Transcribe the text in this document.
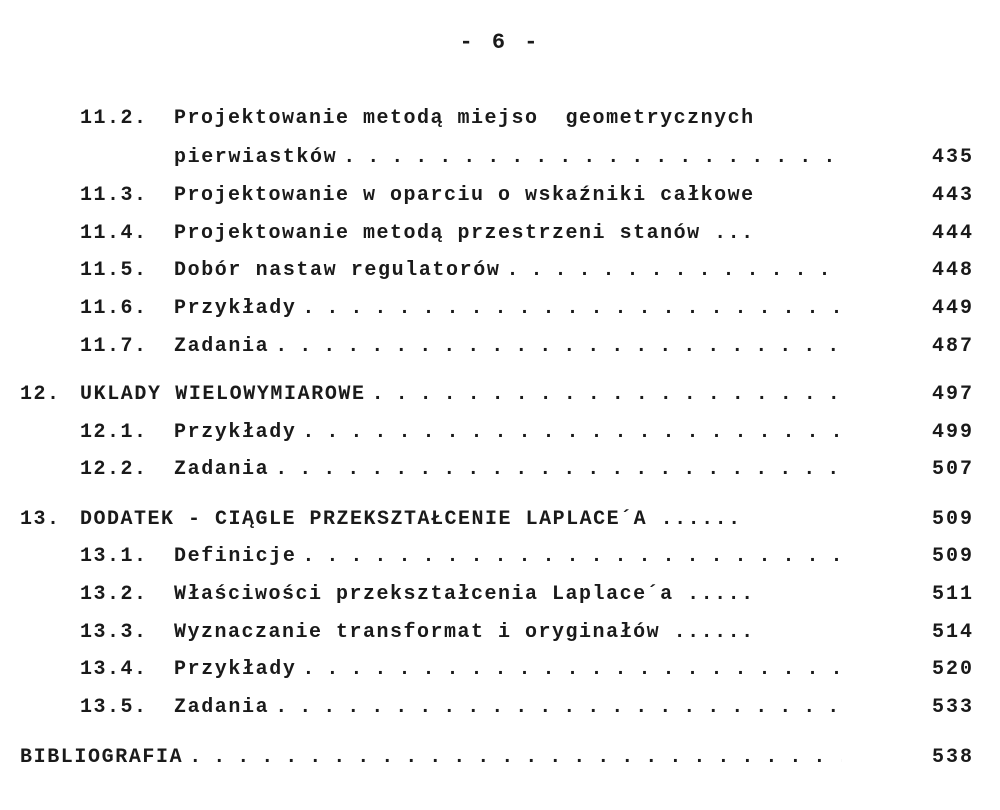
- 6 -
11.2. Projektowanie metodą miejso  geometrycznych
pierwiastków . . .	435
11.3. Projektowanie w oparciu o wskaźniki całkowe	443
11.4. Projektowanie metodą przestrzeni stanów ...	444
11.5. Dobór nastaw regulatorów . . .	448
11.6. Przykłady . . .	449
11.7. Zadania . . .	487
12. UKLADY WIELOWYMIAROWE . . .	497
12.1. Przykłady . . .	499
12.2. Zadania . . .	507
13. DODATEK - CIĄGLE PRZEKSZTAŁCENIE LAPLACE´A ......	509
13.1. Definicje . . .	509
13.2. Właściwości przekształcenia Laplace´a .....	511
13.3. Wyznaczanie transformat i oryginałów ......	514
13.4. Przykłady . . .	520
13.5. Zadania . . .	533
BIBLIOGRAFIA . . .	538
